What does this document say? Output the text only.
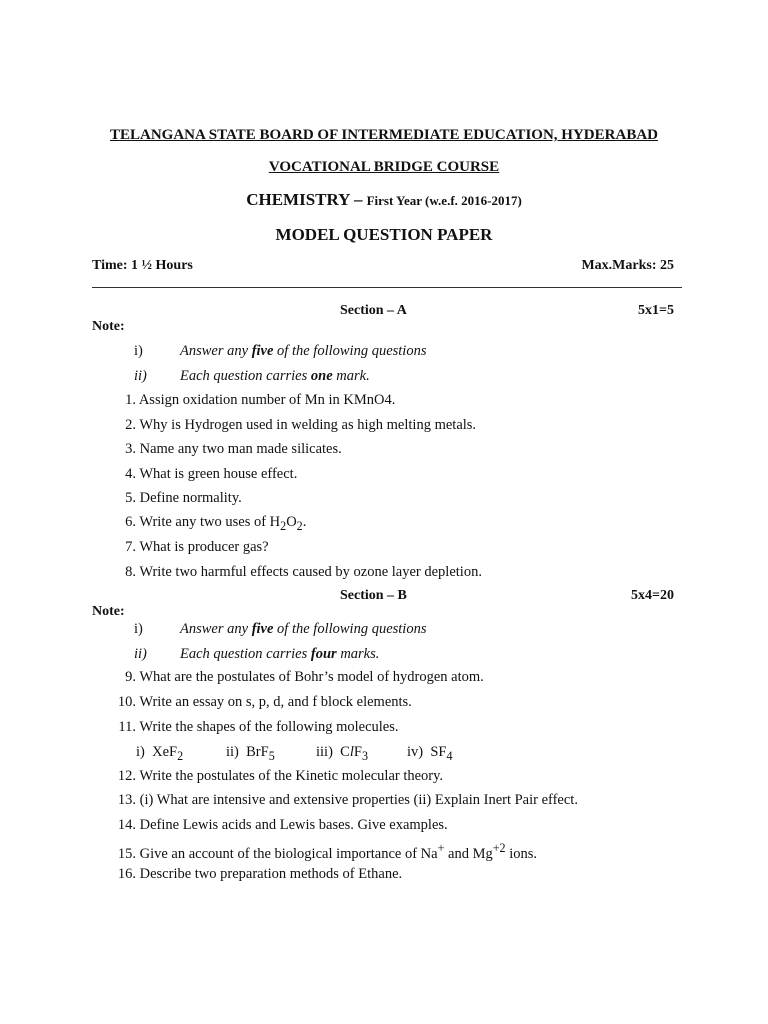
TELANGANA STATE BOARD OF INTERMEDIATE EDUCATION, HYDERABAD
VOCATIONAL BRIDGE COURSE
CHEMISTRY – First Year (w.e.f. 2016-2017)
MODEL QUESTION PAPER
Time: 1 ½ Hours	Max.Marks: 25
Section – A	5x1=5
Note:
i)	Answer any five of the following questions
ii) Each question carries one mark.
1. Assign oxidation number of Mn in KMnO4.
2. Why is Hydrogen used in welding as high melting metals.
3. Name any two man made silicates.
4. What is green house effect.
5. Define normality.
6. Write any two uses of $H_2O_2$.
7. What is producer gas?
8. Write two harmful effects caused by ozone layer depletion.
Section – B	5x4=20
Note:
i)	Answer any five of the following questions
ii) Each question carries four marks.
9. What are the postulates of Bohr’s model of hydrogen atom.
10. Write an essay on s, p, d, and f block elements.
11. Write the shapes of the following molecules.
i) XeF$_2$	ii) BrF$_5$	iii) ClF$_3$	iv) $SF_4$
12. Write the postulates of the Kinetic molecular theory.
13. (i) What are intensive and extensive properties (ii) Explain Inert Pair effect.
14. Define Lewis acids and Lewis bases. Give examples.
15. Give an account of the biological importance of Na+ and $Mg^{+2}$ ions.
16. Describe two preparation methods of Ethane.
